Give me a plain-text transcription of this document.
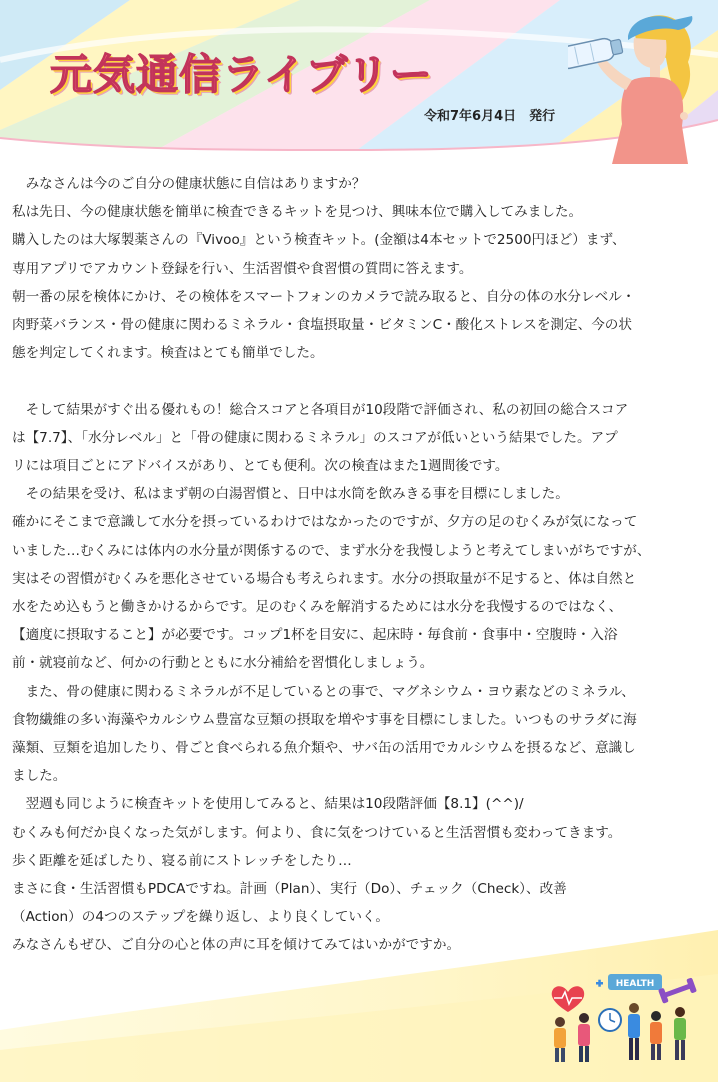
元気通信ライブリー
令和7年6月4日　発行

　みなさんは今のご自分の健康状態に自信はありますか？

私は先日、今の健康状態を簡単に検査できるキットを見つけ、興味本位で購入してみました。

購入したのは大塚製薬さんの『Vivoo』という検査キット。(金額は4本セットで2500円ほど）まず、

専用アプリでアカウント登録を行い、生活習慣や食習慣の質問に答えます。

朝一番の尿を検体にかけ、その検体をスマートフォンのカメラで読み取ると、自分の体の水分レベル・

肉野菜バランス・骨の健康に関わるミネラル・食塩摂取量・ビタミンC・酸化ストレスを測定、今の状

態を判定してくれます。検査はとても簡単でした。

　そして結果がすぐ出る優れもの！総合スコアと各項目が10段階で評価され、私の初回の総合スコア

は【7.7】、「水分レベル」と「骨の健康に関わるミネラル」のスコアが低いという結果でした。アプ

リには項目ごとにアドバイスがあり、とても便利。次の検査はまた1週間後です。

　その結果を受け、私はまず朝の白湯習慣と、日中は水筒を飲みきる事を目標にしました。

確かにそこまで意識して水分を摂っているわけではなかったのですが、夕方の足のむくみが気になって

いました…むくみには体内の水分量が関係するので、まず水分を我慢しようと考えてしまいがちですが、

実はその習慣がむくみを悪化させている場合も考えられます。水分の摂取量が不足すると、体は自然と

水をため込もうと働きかけるからです。足のむくみを解消するためには水分を我慢するのではなく、

【適度に摂取すること】が必要です。コップ1杯を目安に、起床時・毎食前・食事中・空腹時・入浴

前・就寝前など、何かの行動とともに水分補給を習慣化しましょう。

　また、骨の健康に関わるミネラルが不足しているとの事で、マグネシウム・ヨウ素などのミネラル、

食物繊維の多い海藻やカルシウム豊富な豆類の摂取を増やす事を目標にしました。いつものサラダに海

藻類、豆類を追加したり、骨ごと食べられる魚介類や、サバ缶の活用でカルシウムを摂るなど、意識し

ました。

　翌週も同じように検査キットを使用してみると、結果は10段階評価【8.1】(^^)/

むくみも何だか良くなった気がします。何より、食に気をつけていると生活習慣も変わってきます。

歩く距離を延ばしたり、寝る前にストレッチをしたり…

まさに食・生活習慣もPDCAですね。計画（Plan）、実行（Do）、チェック（Check）、改善

（Action）の4つのステップを繰り返し、より良くしていく。

みなさんもぜひ、ご自分の心と体の声に耳を傾けてみてはいかがですか。

HEALTH
